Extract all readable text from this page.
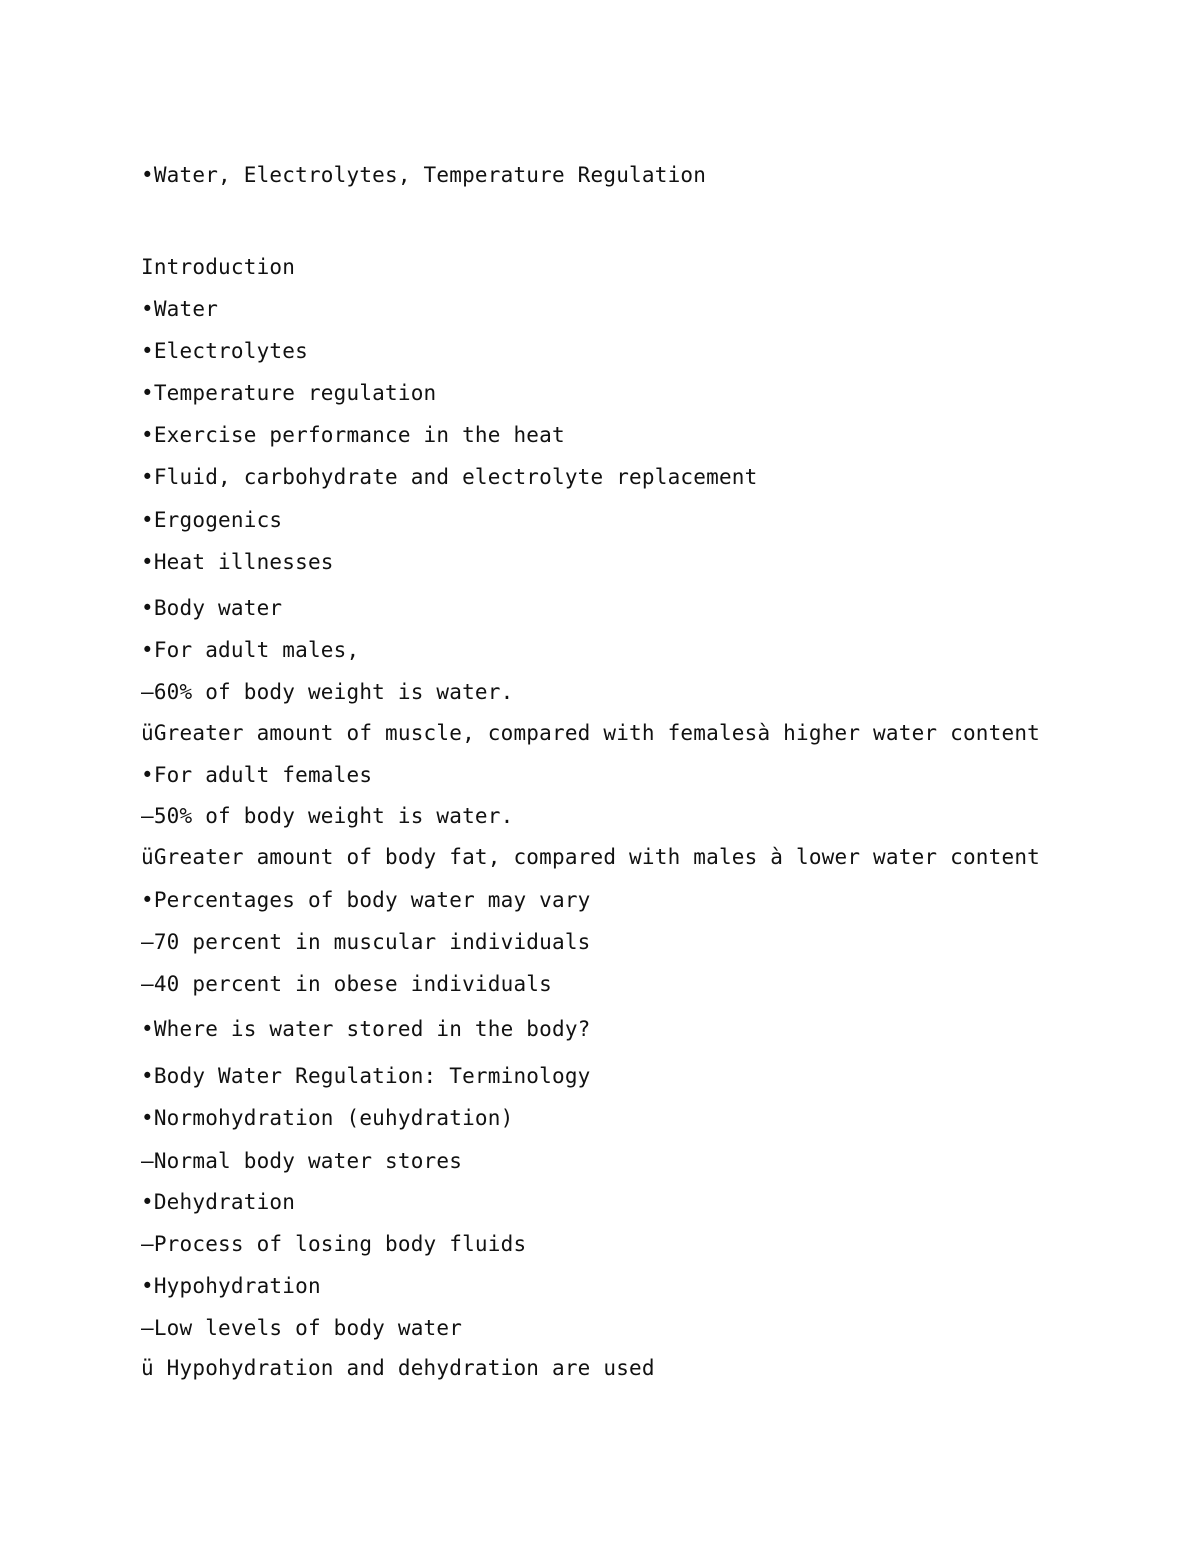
•Water, Electrolytes, Temperature Regulation

Introduction

•Water

•Electrolytes

•Temperature regulation

•Exercise performance in the heat

•Fluid, carbohydrate and electrolyte replacement

•Ergogenics

•Heat illnesses

•Body water

•For adult males,

–60% of body weight is water.

üGreater amount of muscle, compared with femalesà higher water content

•For adult females

–50% of body weight is water.

üGreater amount of body fat, compared with males à lower water content

•Percentages of body water may vary

–70 percent in muscular individuals

–40 percent in obese individuals

•Where is water stored in the body?

•Body Water Regulation: Terminology

•Normohydration (euhydration)

–Normal body water stores

•Dehydration

–Process of losing body fluids

•Hypohydration

–Low levels of body water

ü Hypohydration and dehydration are used
